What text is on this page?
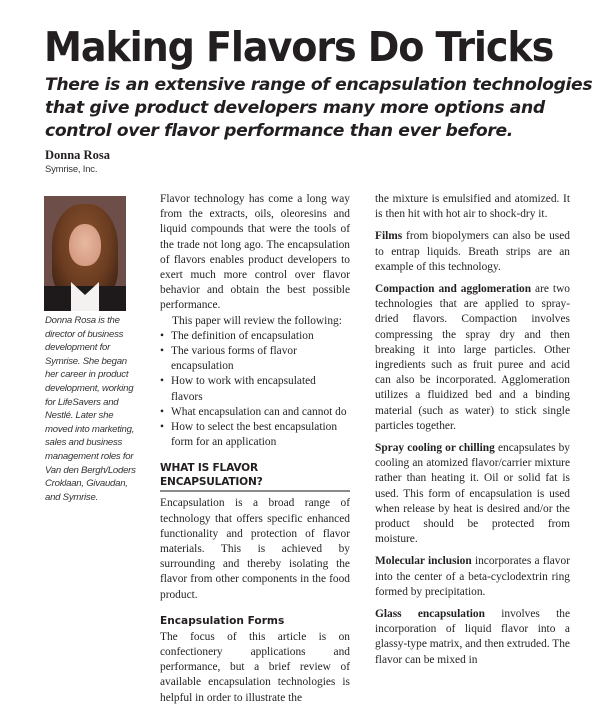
Making Flavors Do Tricks

There is an extensive range of encapsulation technologies that give product developers many more options and control over flavor performance than ever before.

Donna Rosa
Symrise, Inc.
Donna Rosa is the director of business development for Symrise. She began her career in product development, working for LifeSavers and Nestlé. Later she moved into marketing, sales and business management roles for Van den Bergh/Loders Croklaan, Givaudan, and Symrise.

Flavor technology has come a long way from the extracts, oils, oleoresins and liquid compounds that were the tools of the trade not long ago. The encapsulation of flavors enables product developers to exert much more control over flavor behavior and obtain the best possible performance.

This paper will review the following:

• The definition of encapsulation
• The various forms of flavor encapsulation
• How to work with encapsulated flavors
• What encapsulation can and cannot do
• How to select the best encapsulation form for an application
WHAT IS FLAVOR ENCAPSULATION?

Encapsulation is a broad range of technology that offers specific enhanced functionality and protection of flavor materials. This is achieved by surrounding and thereby isolating the flavor from other components in the food product.

Encapsulation Forms

The focus of this article is on confectionery applications and performance, but a brief review of available encapsulation technologies is helpful in order to illustrate the

the mixture is emulsified and atomized. It is then hit with hot air to shock-dry it.

Films from biopolymers can also be used to entrap liquids. Breath strips are an example of this technology.

Compaction and agglomeration are two technologies that are applied to spray-dried flavors. Compaction involves compressing the spray dry and then breaking it into large particles. Other ingredients such as fruit puree and acid can also be incorporated. Agglomeration utilizes a fluidized bed and a binding material (such as water) to stick single particles together.

Spray cooling or chilling encapsulates by cooling an atomized flavor/carrier mixture rather than heating it. Oil or solid fat is used. This form of encapsulation is used when release by heat is desired and/or the product should be protected from moisture.

Molecular inclusion incorporates a flavor into the center of a beta-cyclodextrin ring formed by precipitation.

Glass encapsulation involves the incorporation of liquid flavor into a glassy-type matrix, and then extruded. The flavor can be mixed in
